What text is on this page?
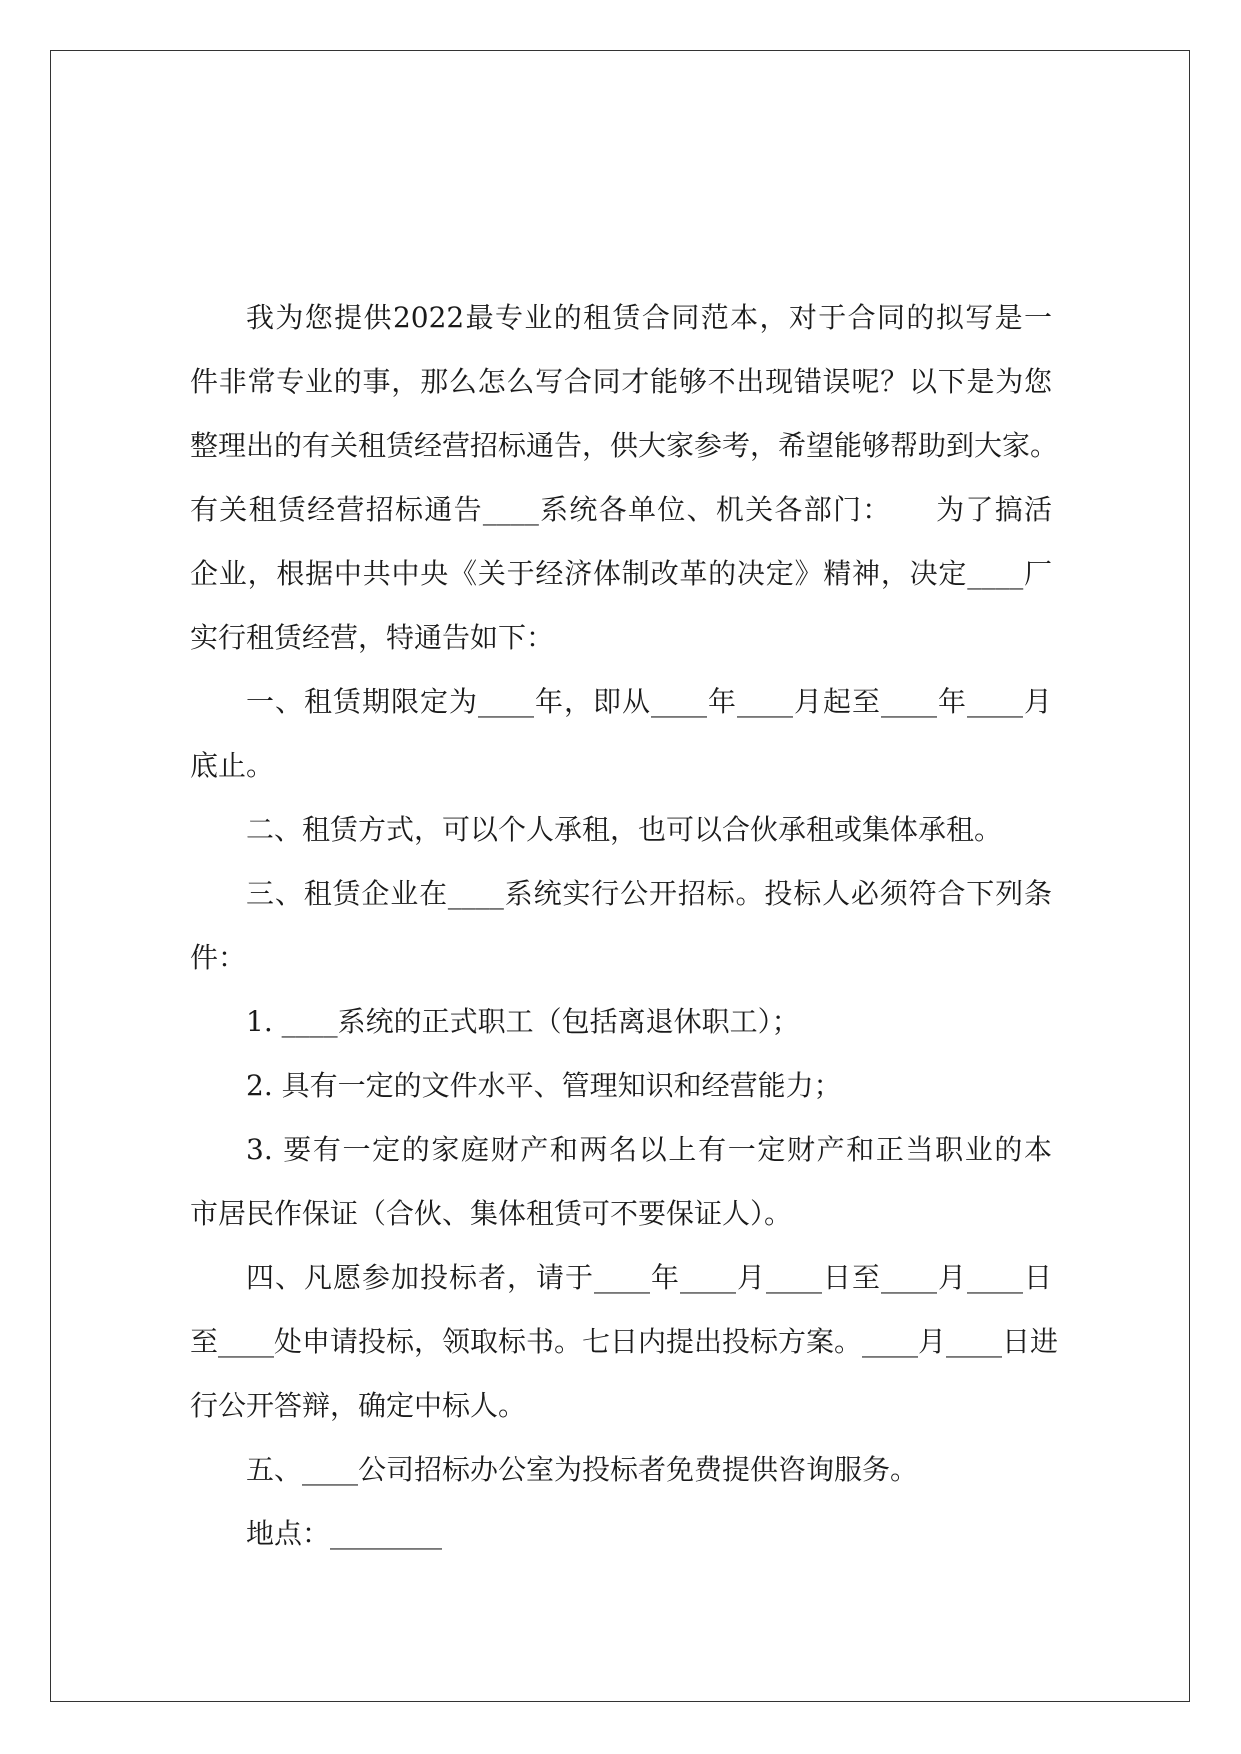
我为您提供2022最专业的租赁合同范本，对于合同的拟写是一
件非常专业的事，那么怎么写合同才能够不出现错误呢？以下是为您
整理出的有关租赁经营招标通告，供大家参考，希望能够帮助到大家。
有关租赁经营招标通告____系统各单位、机关各部门：　　为了搞活
企业，根据中共中央《关于经济体制改革的决定》精神，决定____厂
实行租赁经营，特通告如下：
一、租赁期限定为____年，即从____年____月起至____年____月
底止。
二、租赁方式，可以个人承租，也可以合伙承租或集体承租。
三、租赁企业在____系统实行公开招标。投标人必须符合下列条
件：
1. ____系统的正式职工（包括离退休职工）；
2. 具有一定的文件水平、管理知识和经营能力；
3. 要有一定的家庭财产和两名以上有一定财产和正当职业的本
市居民作保证（合伙、集体租赁可不要保证人）。
四、凡愿参加投标者，请于____年____月____日至____月____日
至____处申请投标，领取标书。七日内提出投标方案。____月____日进
行公开答辩，确定中标人。
五、____公司招标办公室为投标者免费提供咨询服务。
地点：________
